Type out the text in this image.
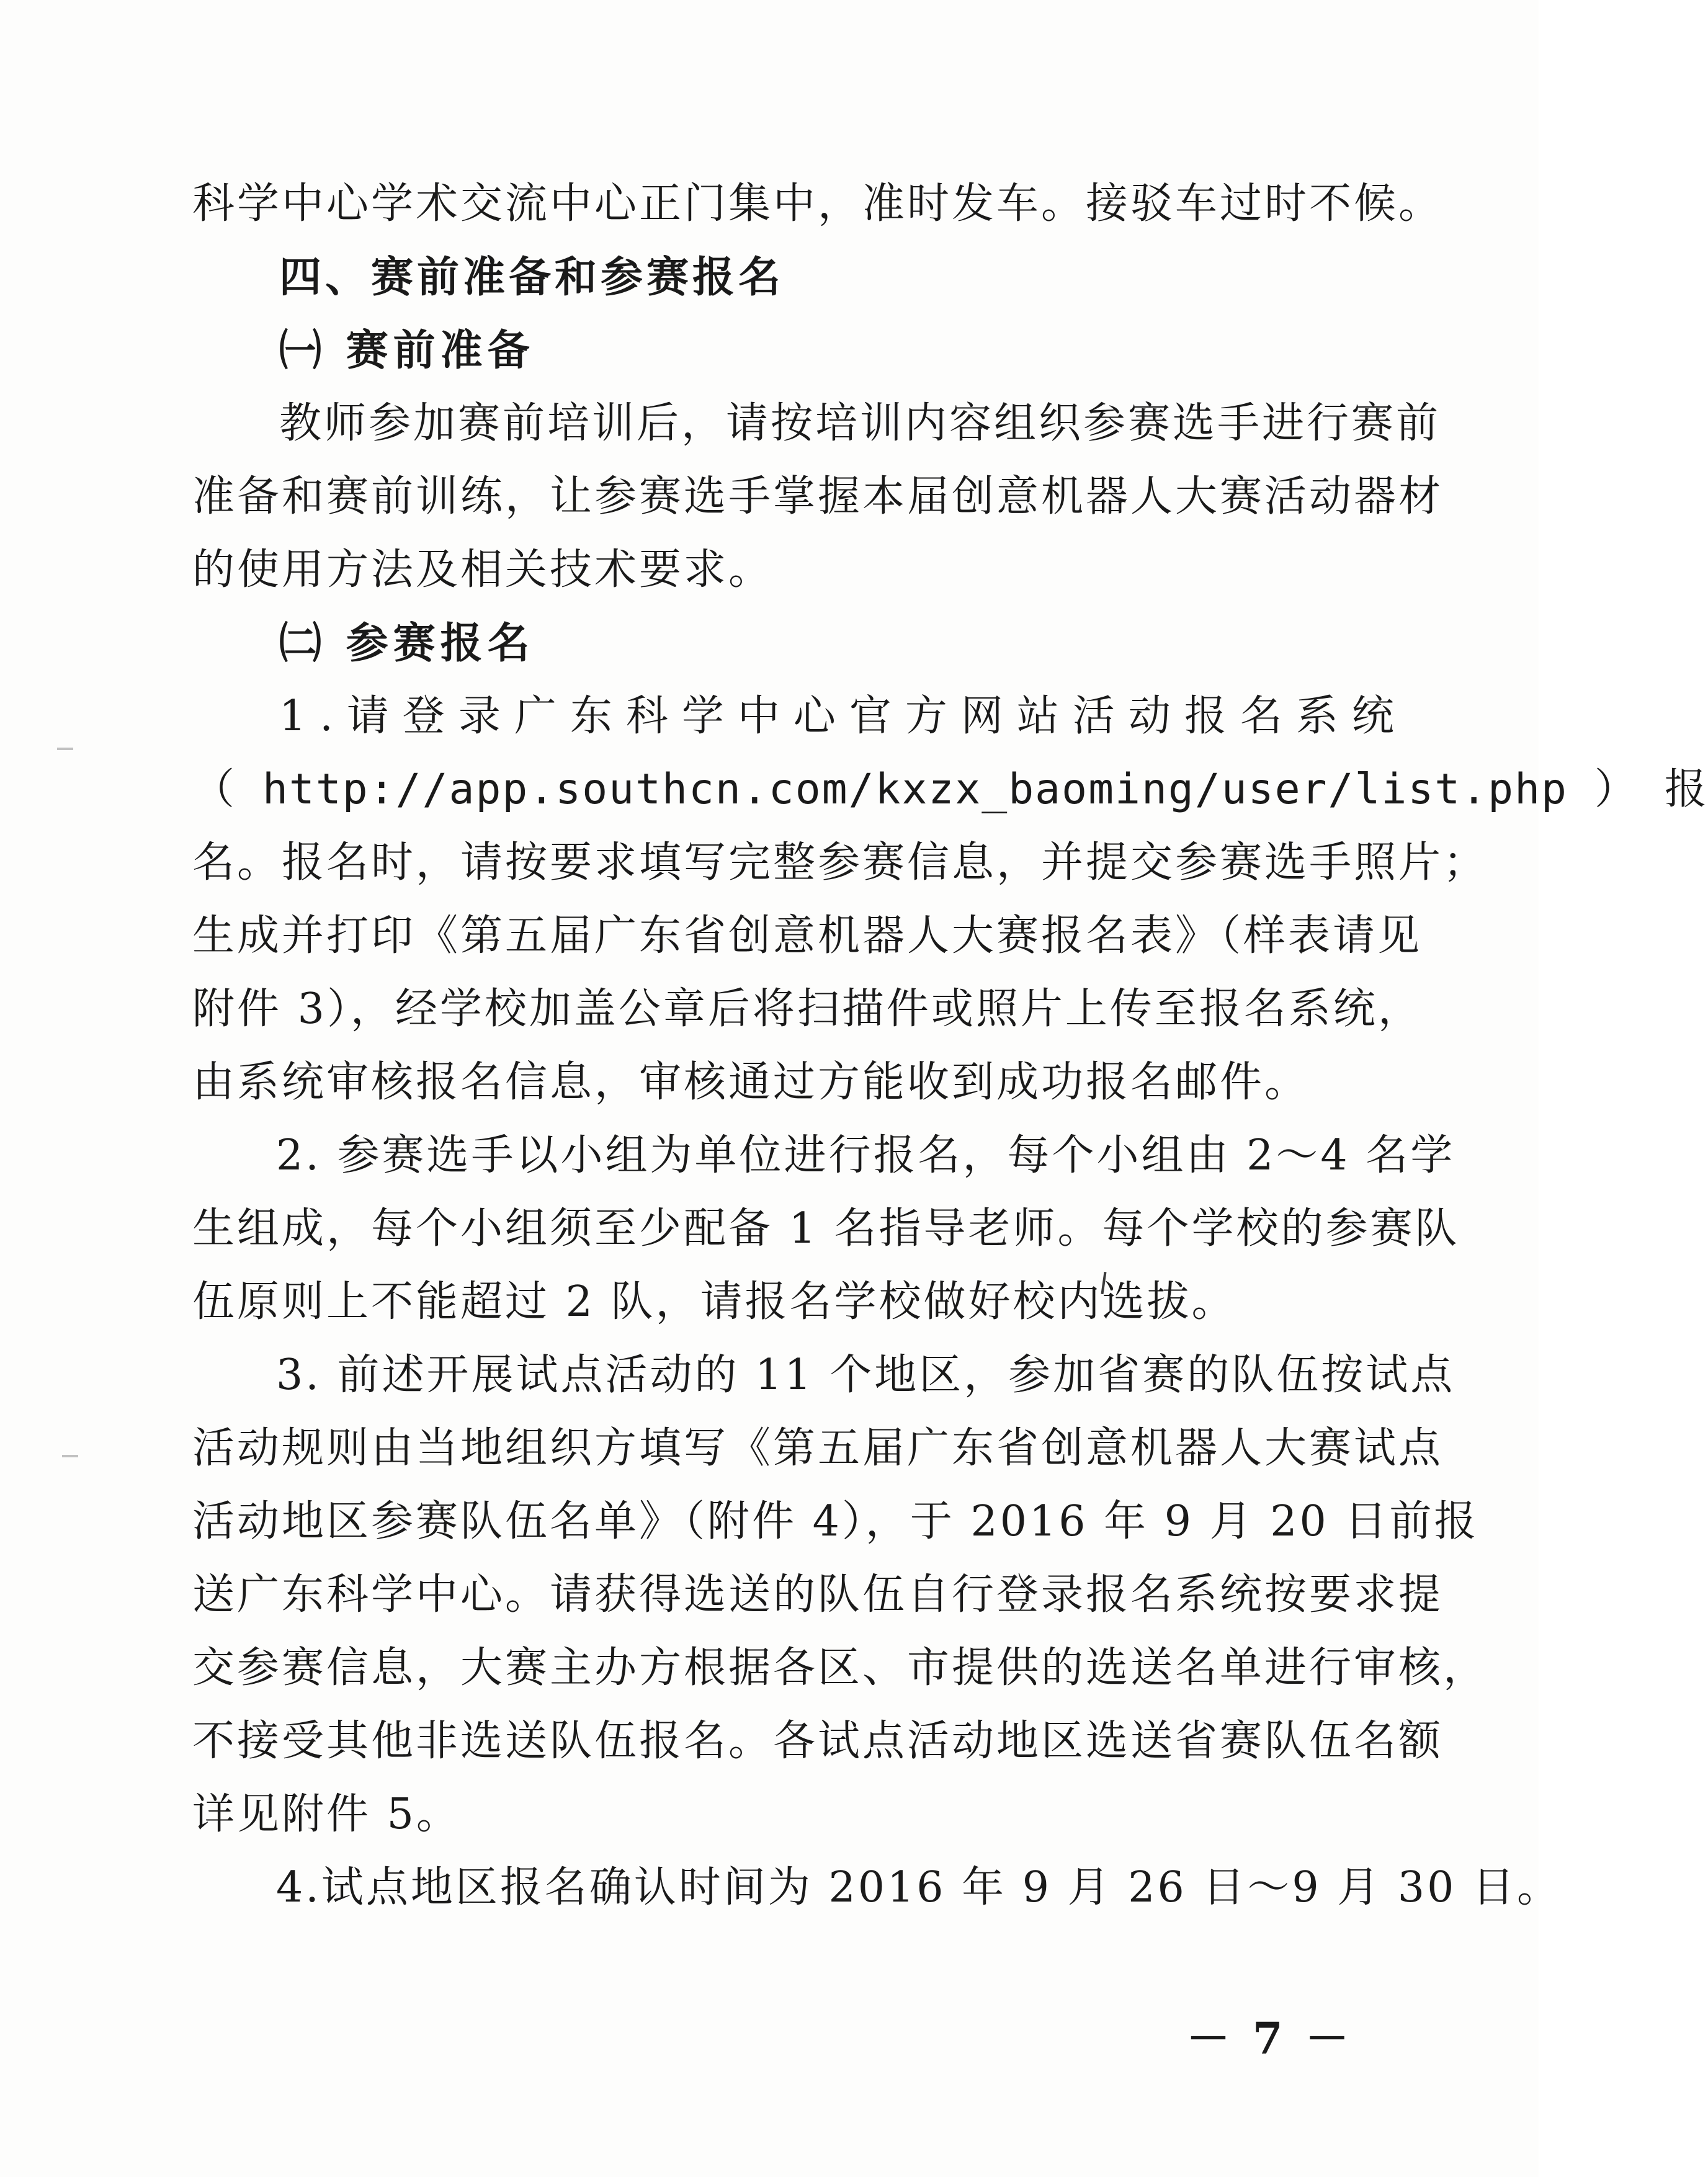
科学中心学术交流中心正门集中，准时发车。接驳车过时不候。
四、赛前准备和参赛报名
㈠ 赛前准备
教师参加赛前培训后，请按培训内容组织参赛选手进行赛前
准备和赛前训练，让参赛选手掌握本届创意机器人大赛活动器材
的使用方法及相关技术要求。
㈡ 参赛报名
1.请登录广东科学中心官方网站活动报名系统
（ http://app.southcn.com/kxzx_baoming/user/list.php ） 报
名。报名时，请按要求填写完整参赛信息，并提交参赛选手照片；
生成并打印《第五届广东省创意机器人大赛报名表》（样表请见
附件 3），经学校加盖公章后将扫描件或照片上传至报名系统，
由系统审核报名信息，审核通过方能收到成功报名邮件。
2. 参赛选手以小组为单位进行报名，每个小组由 2～4 名学
生组成，每个小组须至少配备 1 名指导老师。每个学校的参赛队
伍原则上不能超过 2 队，请报名学校做好校内选拔。
3. 前述开展试点活动的 11 个地区，参加省赛的队伍按试点
活动规则由当地组织方填写《第五届广东省创意机器人大赛试点
活动地区参赛队伍名单》（附件 4），于 2016 年 9 月 20 日前报
送广东科学中心。请获得选送的队伍自行登录报名系统按要求提
交参赛信息，大赛主办方根据各区、市提供的选送名单进行审核，
不接受其他非选送队伍报名。各试点活动地区选送省赛队伍名额
详见附件 5。
4.试点地区报名确认时间为 2016 年 9 月 26 日～9 月 30 日。
－ 7 －
